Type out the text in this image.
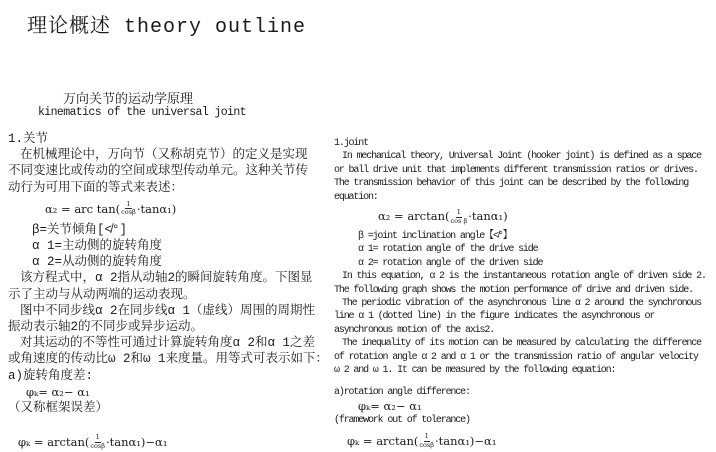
理论概述 theory outline
万向关节的运动学原理
kinematics of the universal joint
1.关节
在机械理论中，万向节（又称胡克节）的定义是实现
不同变速比或传动的空间或球型传动单元。这种关节传
动行为可用下面的等式来表述：
α₂ = arc $\tan( \frac{1}{\cos\beta} \cdot\tan\alpha_1)$
β=关节倾角[≮°]
α 1=主动侧的旋转角度
α 2=从动侧的旋转角度
该方程式中，α 2指从动轴2的瞬间旋转角度。下图显
示了主动与从动两端的运动表现。
图中不同步线α 2在同步线α 1（虚线）周围的周期性
振动表示轴2的不同步或异步运动。
对其运动的不等性可通过计算旋转角度α 2和α 1之差
或角速度的传动比ω 2和ω 1来度量。用等式可表示如下：
a)旋转角度差:
φₖ= α₂− α₁
（又称框架误差）
1.joint
In mechanical theory, Universal Joint (hooker joint) is defined as a space
or ball drive unit that implements different transmission ratios or drives.
The transmission behavior of this joint can be described by the following
equation:
$\alpha_2 = \arctan( \frac{1}{\text{cos β}} \cdot\tan\alpha_1)$
β =joint inclination angle【≮°】
α 1= rotation angle of the drive side
α 2= rotation angle of the driven side
In this equation, α 2 is the instantaneous rotation angle of driven side 2.
The following graph shows the motion performance of drive and driven side.
The periodic vibration of the asynchronous line α 2 around the synchronous
line α 1 (dotted line) in the figure indicates the asynchronous or
asynchronous motion of the axis2.
The inequality of its motion can be measured by calculating the difference
of rotation angle α 2 and α 1 or the transmission ratio of angular velocity
ω 2 and ω 1. It can be measured by the following equation:
a)rotation angle difference:
φₖ= α₂− α₁
(framework out of tolerance)
$\varphi_k = \arctan( \frac{1}{\cos\beta} \cdot\tan\alpha_1)-\alpha_1$	$\varphi_k = \arctan( \frac{1}{\cos\beta} \cdot\tan\alpha_1)-\alpha_1$
